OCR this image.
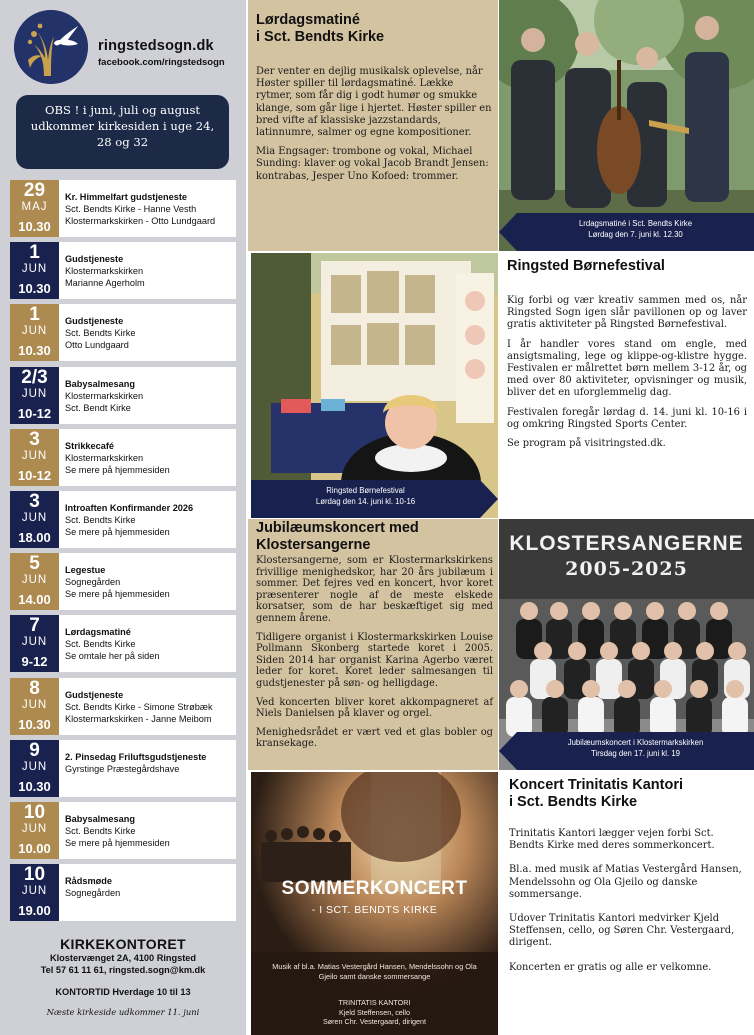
ringstedsogn.dk
facebook.com/ringstedsogn
OBS ! i juni, juli og august udkommer kirkesiden i uge 24, 28 og 32
29
MAJ
10.30
Kr. Himmelfart gudstjeneste
Sct. Bendts Kirke - Hanne Vesth
Klostermarkskirken - Otto Lundgaard
1
JUN
10.30
Gudstjeneste
Klostermarkskirken
Marianne Agerholm
1
JUN
10.30
Gudstjeneste
Sct. Bendts Kirke
Otto Lundgaard
2/3
JUN
10-12
Babysalmesang
Klostermarkskirken
Sct. Bendt Kirke
3
JUN
10-12
Strikkecafé
Klostermarkskirken
Se mere på hjemmesiden
3
JUN
18.00
Introaften Konfirmander 2026
Sct. Bendts Kirke
Se mere på hjemmesiden
5
JUN
14.00
Legestue
Sognegården
Se mere på hjemmesiden
7
JUN
9-12
Lørdagsmatiné
Sct. Bendts Kirke
Se omtale her på siden
8
JUN
10.30
Gudstjeneste
Sct. Bendts Kirke - Simone Strøbæk
Klostermarkskirken - Janne Meibom
9
JUN
10.30
2. Pinsedag Friluftsgudstjeneste
Gyrstinge Præstegårdshave
10
JUN
10.00
Babysalmesang
Sct. Bendts Kirke
Se mere på hjemmesiden
10
JUN
19.00
Rådsmøde
Sognegården
KIRKEKONTORET
Klostervænget 2A, 4100 Ringsted
Tel 57 61 11 61, ringsted.sogn@km.dk
KONTORTID Hverdage 10 til 13
Næste kirkeside udkommer 11. juni
Lørdagsmatiné
i Sct. Bendts Kirke

Der venter en dejlig musikalsk oplevelse, når Høster spiller til lørdagsmatiné. Lække rytmer, som får dig i godt humør og smukke klange, som går lige i hjertet. Høster spiller en bred vifte af klassiske jazzstandards, latinnumre, salmer og egne kompositioner.

Mia Engsager: trombone og vokal, Michael Sunding: klaver og vokal Jacob Brandt Jensen: kontrabas, Jesper Uno Kofoed: trommer.

Lrdagsmatiné i Sct. Bendts Kirke
Lørdag den 7. juni kl. 12.30
Ringsted Børnefestival
Lørdag den 14. juni kl. 10-16
Ringsted Børnefestival

Kig forbi og vær kreativ sammen med os, når Ringsted Sogn igen slår pavillonen op og laver gratis aktiviteter på Ringsted Børnefestival.

I år handler vores stand om engle, med ansigtsmaling, lege og klippe-og-klistre hygge. Festivalen er målrettet børn mellem 3-12 år, og med over 80 aktiviteter, opvisninger og musik, bliver det en uforglemmelig dag.

Festivalen foregår lørdag d. 14. juni kl. 10-16 i og omkring Ringsted Sports Center.

Se program på visitringsted.dk.

Jubilæumskoncert med
Klostersangerne

Klostersangerne, som er Klostermarkskirkens frivillige menighedskor, har 20 års jubilæum i sommer. Det fejres ved en koncert, hvor koret præsenterer nogle af de meste elskede korsatser, som de har beskæftiget sig med gennem årene.

Tidligere organist i Klostermarkskirken Louise Pollmann Skonberg startede koret i 2005. Siden 2014 har organist Karina Agerbo været leder for koret. Koret leder salmesangen til gudstjenester på søn- og helligdage.

Ved koncerten bliver koret akkompagneret af Niels Danielsen på klaver og orgel.

Menighedsrådet er vært ved et glas bobler og kransekage.

KLOSTERSANGERNE
2005-2025
Jubilæumskoncert i Klostermarkskirken
Tirsdag den 17. juni kl. 19
SOMMERKONCERT
- I SCT. BENDTS KIRKE
Musik af bl.a. Matias Vestergård Hansen, Mendelssohn og Ola Gjeilo samt danske sommersange
TRINITATIS KANTORI
Kjeld Steffensen, cello
Søren Chr. Vestergaard, dirigent
Koncert Trinitatis Kantori
i Sct. Bendts Kirke

Trinitatis Kantori lægger vejen forbi Sct. Bendts Kirke med deres sommerkoncert.

Bl.a. med musik af Matias Vestergård Hansen, Mendelssohn og Ola Gjeilo og danske sommersange.

Udover Trinitatis Kantori medvirker Kjeld Steffensen, cello, og Søren Chr. Vestergaard, dirigent.

Koncerten er gratis og alle er velkomne.
